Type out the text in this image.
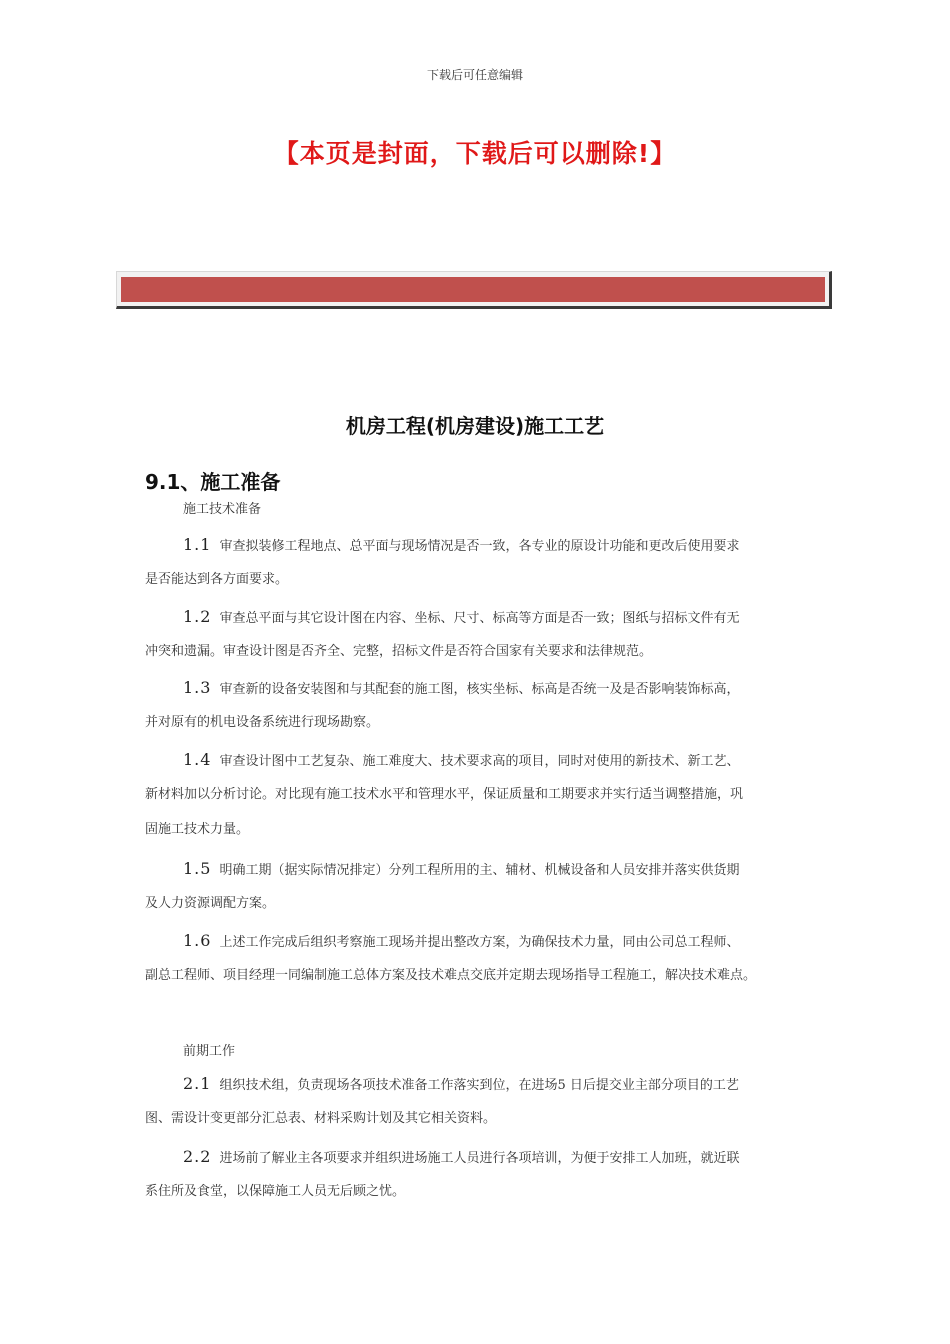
下载后可任意编辑
【本页是封面，下载后可以删除!】
机房工程(机房建设)施工工艺
9.1、施工准备
施工技术准备
1.1 审查拟装修工程地点、总平面与现场情况是否一致，各专业的原设计功能和更改后使用要求
是否能达到各方面要求。
1.2 审查总平面与其它设计图在内容、坐标、尺寸、标高等方面是否一致；图纸与招标文件有无
冲突和遗漏。审查设计图是否齐全、完整，招标文件是否符合国家有关要求和法律规范。
1.3 审查新的设备安装图和与其配套的施工图，核实坐标、标高是否统一及是否影响装饰标高，
并对原有的机电设备系统进行现场勘察。
1.4 审查设计图中工艺复杂、施工难度大、技术要求高的项目，同时对使用的新技术、新工艺、
新材料加以分析讨论。对比现有施工技术水平和管理水平，保证质量和工期要求并实行适当调整措施，巩
固施工技术力量。
1.5 明确工期（据实际情况排定）分列工程所用的主、辅材、机械设备和人员安排并落实供货期
及人力资源调配方案。
1.6 上述工作完成后组织考察施工现场并提出整改方案，为确保技术力量，同由公司总工程师、
副总工程师、项目经理一同编制施工总体方案及技术难点交底并定期去现场指导工程施工，解决技术难点。
前期工作
2.1 组织技术组，负责现场各项技术准备工作落实到位，在进场5 日后提交业主部分项目的工艺
图、需设计变更部分汇总表、材料采购计划及其它相关资料。
2.2 进场前了解业主各项要求并组织进场施工人员进行各项培训，为便于安排工人加班，就近联
系住所及食堂，以保障施工人员无后顾之忧。
